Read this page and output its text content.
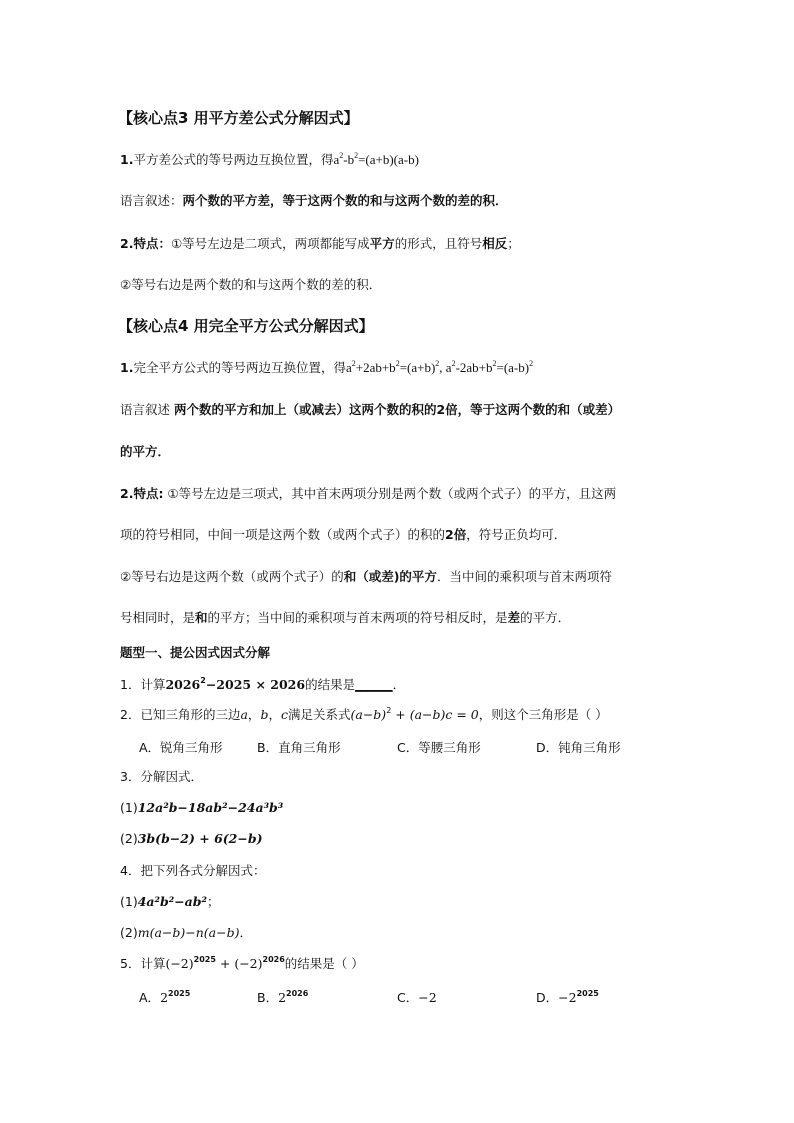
【核心点3 用平方差公式分解因式】
1.平方差公式的等号两边互换位置，得$a^2-b^2=(a+b)(a-b)$
语言叙述：两个数的平方差，等于这两个数的和与这两个数的差的积．
2.特点：①等号左边是二项式，两项都能写成平方的形式，且符号相反；
②等号右边是两个数的和与这两个数的差的积．
【核心点4 用完全平方公式分解因式】
1.完全平方公式的等号两边互换位置，得$a^2+2ab+b^2=(a+b)^2$, $a^2-2ab+b^2=(a-b)^2$
语言叙述 两个数的平方和加上（或减去）这两个数的积的2倍，等于这两个数的和（或差）
的平方．
2.特点: ①等号左边是三项式，其中首末两项分别是两个数（或两个式子）的平方，且这两
项的符号相同，中间一项是这两个数（或两个式子）的积的2倍，符号正负均可．
②等号右边是这两个数（或两个式子）的和（或差)的平方．当中间的乘积项与首末两项符
号相同时，是和的平方；当中间的乘积项与首末两项的符号相反时，是差的平方．
题型一、提公因式因式分解
1．计算$2026^2-2025 \times 2026$的结果是______．
2．已知三角形的三边a，b，c满足关系式$(a-b)^2 + (a-b)c = 0$，则这个三角形是（ ）
A．锐角三角形	B．直角三角形	C．等腰三角形	D．钝角三角形
3．分解因式．
(1)12a²b−18ab²−24a³b³
(2)3b(b−2) + 6(2−b)
4．把下列各式分解因式：
(1)4a²b²−ab²；
(2)m(a−b)−n(a−b)．
5．计算$(-2)^{2025} + (-2)^{2026}$的结果是（ ）
A．$2^{2025}$	B．$2^{2026}$	C．−2	D．$-2^{2025}$
